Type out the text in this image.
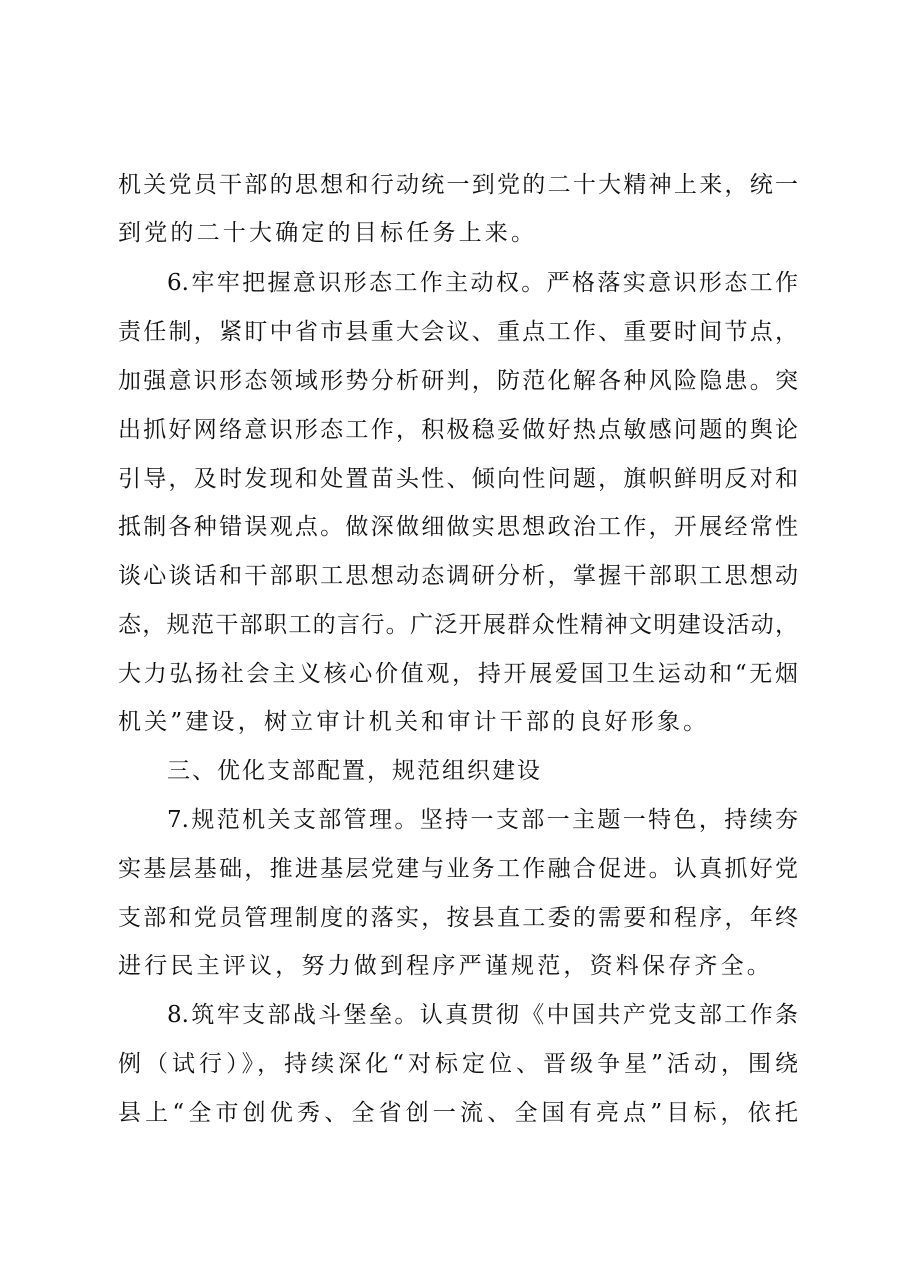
机关党员干部的思想和行动统一到党的二十大精神上来，统一
到党的二十大确定的目标任务上来。
6.牢牢把握意识形态工作主动权。严格落实意识形态工作
责任制，紧盯中省市县重大会议、重点工作、重要时间节点，
加强意识形态领域形势分析研判，防范化解各种风险隐患。突
出抓好网络意识形态工作，积极稳妥做好热点敏感问题的舆论
引导，及时发现和处置苗头性、倾向性问题，旗帜鲜明反对和
抵制各种错误观点。做深做细做实思想政治工作，开展经常性
谈心谈话和干部职工思想动态调研分析，掌握干部职工思想动
态，规范干部职工的言行。广泛开展群众性精神文明建设活动，
大力弘扬社会主义核心价值观，持开展爱国卫生运动和“无烟
机关”建设，树立审计机关和审计干部的良好形象。
三、优化支部配置，规范组织建设
7.规范机关支部管理。坚持一支部一主题一特色，持续夯
实基层基础，推进基层党建与业务工作融合促进。认真抓好党
支部和党员管理制度的落实，按县直工委的需要和程序，年终
进行民主评议，努力做到程序严谨规范，资料保存齐全。
8.筑牢支部战斗堡垒。认真贯彻《中国共产党支部工作条
例（试行）》，持续深化“对标定位、晋级争星”活动，围绕
县上“全市创优秀、全省创一流、全国有亮点”目标，依托
